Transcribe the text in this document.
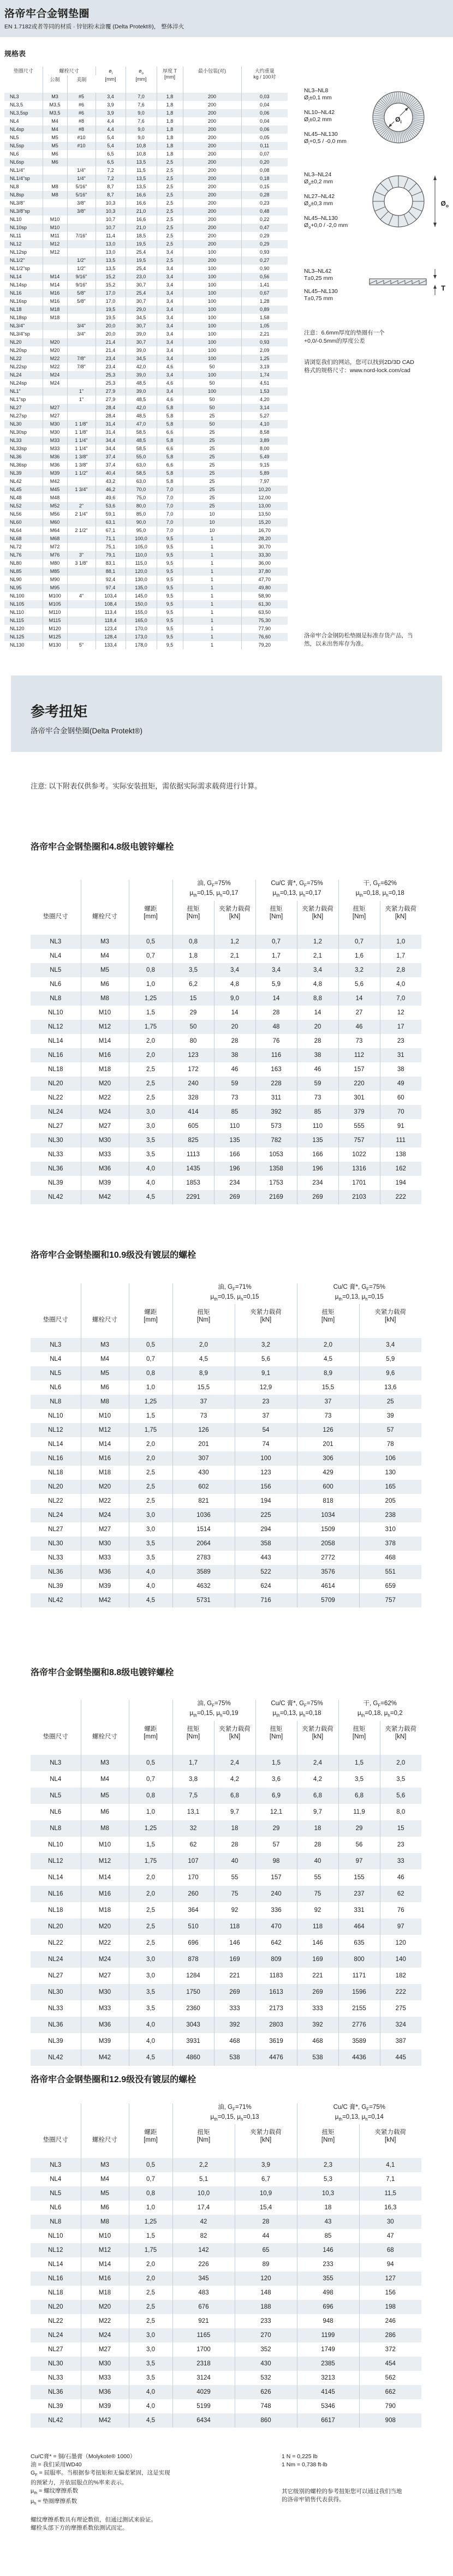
洛帝牢合金钢垫圈
EN 1.7182或者等同的材质 · 锌铝粉末涂覆 (Delta Protekt®)， 整体淬火
规格表
垫圈尺寸	螺栓尺寸		$ø_i$
[mm]	$ø_o$
[mm]	厚度 T
[mm]	最小包装(对)	大约重量
kg / 100对
	公制	美制					
NL3	M3	#5	3,4	7,0	1,8	200	0,03
NL3,5	M3,5	#6	3,9	7,6	1,8	200	0,04
NL3,5sp	M3,5	#6	3,9	9,0	1,8	200	0,06
NL4	M4	#8	4,4	7,6	1,8	200	0,04
NL4sp	M4	#8	4,4	9,0	1,8	200	0,06
NL5	M5	#10	5,4	9,0	1,8	200	0,05
NL5sp	M5	#10	5,4	10,8	1,8	200	0,11
NL6	M6		6,5	10,8	1,8	200	0,07
NL6sp	M6		6,5	13,5	2,5	200	0,20
NL1/4"		1/4"	7,2	11,5	2,5	200	0,08
NL1/4"sp		1/4"	7,2	13,5	2,5	200	0,18
NL8	M8	5/16"	8,7	13,5	2,5	200	0,15
NL8sp	M8	5/16"	8,7	16,6	2,5	200	0,28
NL3/8"		3/8"	10,3	16,6	2,5	200	0,23
NL3/8"sp		3/8"	10,3	21,0	2,5	200	0,48
NL10	M10		10,7	16,6	2,5	200	0,22
NL10sp	M10		10,7	21,0	2,5	200	0,47
NL11	M11	7/16"	11,4	18,5	2,5	200	0,29
NL12	M12		13,0	19,5	2,5	200	0,29
NL12sp	M12		13,0	25,4	3,4	100	0,93
NL1/2"		1/2"	13,5	19,5	2,5	200	0,27
NL1/2"sp		1/2"	13,5	25,4	3,4	100	0,90
NL14	M14	9/16"	15,2	23,0	3,4	100	0,56
NL14sp	M14	9/16"	15,2	30,7	3,4	100	1,41
NL16	M16	5/8"	17,0	25,4	3,4	100	0,67
NL16sp	M16	5/8"	17,0	30,7	3,4	100	1,28
NL18	M18		19,5	29,0	3,4	100	0,89
NL18sp	M18		19,5	34,5	3,4	100	1,58
NL3/4"		3/4"	20,0	30,7	3,4	100	1,05
NL3/4"sp		3/4"	20,0	39,0	3,4	100	2,21
NL20	M20		21,4	30,7	3,4	100	0,93
NL20sp	M20		21,4	39,0	3,4	100	2,09
NL22	M22	7/8"	23,4	34,5	3,4	100	1,25
NL22sp	M22	7/8"	23,4	42,0	4,6	50	3,19
NL24	M24		25,3	39,0	3,4	100	1,74
NL24sp	M24		25,3	48,5	4,6	50	4,51
NL1"		1"	27,9	39,0	3,4	100	1,53
NL1"sp		1"	27,9	48,5	4,6	50	4,20
NL27	M27		28,4	42,0	5,8	50	3,14
NL27sp	M27		28,4	48,5	5,8	25	5,27
NL30	M30	1 1/8"	31,4	47,0	5,8	50	4,10
NL30sp	M30	1 1/8"	31,4	58,5	6,6	25	8,58
NL33	M33	1 1/4"	34,4	48,5	5,8	25	3,89
NL33sp	M33	1 1/4"	34,4	58,5	6,6	25	8,00
NL36	M36	1 3/8"	37,4	55,0	5,8	25	5,49
NL36sp	M36	1 3/8"	37,4	63,0	6,6	25	9,15
NL39	M39	1 1/2"	40,4	58,5	5,8	25	5,89
NL42	M42		43,2	63,0	5,8	25	7,97
NL45	M45	1 3/4"	46,2	70,0	7,0	25	10,20
NL48	M48		49,6	75,0	7,0	25	12,00
NL52	M52	2"	53,6	80,0	7,0	25	13,00
NL56	M56	2 1/4"	59,1	85,0	7,0	10	13,50
NL60	M60		63,1	90,0	7,0	10	15,20
NL64	M64	2 1/2"	67,1	95,0	7,0	10	16,70
NL68	M68		71,1	100,0	9,5	1	28,20
NL72	M72		75,1	105,0	9,5	1	30,70
NL76	M76	3"	79,1	110,0	9,5	1	33,30
NL80	M80	3 1/8"	83,1	115,0	9,5	1	36,00
NL85	M85		88,1	120,0	9,5	1	37,80
NL90	M90		92,4	130,0	9,5	1	47,70
NL95	M95		97,4	135,0	9,5	1	49,80
NL100	M100	4"	103,4	145,0	9,5	1	58,90
NL105	M105		108,4	150,0	9,5	1	61,30
NL110	M110		113,4	155,0	9,5	1	63,50
NL115	M115		118,4	165,0	9,5	1	75,30
NL120	M120		123,4	170,0	9,5	1	77,90
NL125	M125		128,4	173,0	9,5	1	76,60
NL130	M130	5"	133,4	178,0	9,5	1	79,20
NL3–NL8
$Ø_i\pm 0,1$ mm
NL10–NL42
$Ø_i\pm 0,2$ mm
NL45–NL130
$Ø_i+0,5 / -0,0$ mm
$Ø_i$
NL3–NL24
$Ø_o\pm 0,2$ mm
NL27–NL42
$Ø_o\pm 0,3$ mm
NL45–NL130
$Ø_o+0,0 / -2,0$ mm
$Ø_o$
NL3–NL42
T±0,25 mm
NL45–NL130
T±0,75 mm
T
注意：6.6mm厚度的垫圈有一个
+0,0/-0.5mm的厚度公差
请浏览我们的网站，您可以找到2D/3D CAD
格式的规格尺寸：www.nord-lock.com/cad
洛帝牢合金钢防松垫圈是标准存货产品，当
然，以未出售库存为准。
参考扭矩
洛帝牢合金钢垫圈(Delta Protekt®)
注意: 以下附表仅供参考。实际安装扭矩，需依据实际需求载荷进行计算。
洛帝牢合金钢垫圈和4.8级电镀锌螺栓
垫圈尺寸	螺栓尺寸	螺距
[mm]	油, $G_F=75\%$
$\mu_{th}=0,15$, $\mu_h=0,17$		Cu/C 膏*, $G_F=75\%$
$\mu_{th}=0,13$, $\mu_h=0,17$		干, $G_F=62\%$
$\mu_{th}=0,18$, $\mu_h=0,18$	
			扭矩
[Nm]	夹紧力载荷
[kN]	扭矩
[Nm]	夹紧力载荷
[kN]	扭矩
[Nm]	夹紧力载荷
[kN]
NL3	M3	0,5	0,8	1,2	0,7	1,2	0,7	1,0
NL4	M4	0,7	1,8	2,1	1,7	2,1	1,6	1,7
NL5	M5	0,8	3,5	3,4	3,4	3,4	3,2	2,8
NL6	M6	1,0	6,2	4,8	5,9	4,8	5,6	4,0
NL8	M8	1,25	15	9,0	14	8,8	14	7,0
NL10	M10	1,5	29	14	28	14	27	12
NL12	M12	1,75	50	20	48	20	46	17
NL14	M14	2,0	80	28	76	28	73	23
NL16	M16	2,0	123	38	116	38	112	31
NL18	M18	2,5	172	46	163	46	157	38
NL20	M20	2,5	240	59	228	59	220	49
NL22	M22	2,5	328	73	311	73	301	60
NL24	M24	3,0	414	85	392	85	379	70
NL27	M27	3,0	605	110	573	110	555	91
NL30	M30	3,5	825	135	782	135	757	111
NL33	M33	3,5	1113	166	1053	166	1022	138
NL36	M36	4,0	1435	196	1358	196	1316	162
NL39	M39	4,0	1853	234	1753	234	1701	194
NL42	M42	4,5	2291	269	2169	269	2103	222
洛帝牢合金钢垫圈和10.9级没有镀层的螺栓
垫圈尺寸	螺栓尺寸	螺距
[mm]	油, $G_F=71\%$
$\mu_{th}=0,15$, $\mu_h=0,15$		Cu/C 膏*, $G_F=75\%$
$\mu_{th}=0,13$, $\mu_h=0,15$	
			扭矩
[Nm]	夹紧力载荷
[kN]	扭矩
[Nm]	夹紧力载荷
[kN]
NL3	M3	0,5	2,0	3,2	2,0	3,4
NL4	M4	0,7	4,5	5,6	4,5	5,9
NL5	M5	0,8	8,9	9,1	8,9	9,6
NL6	M6	1,0	15,5	12,9	15,5	13,6
NL8	M8	1,25	37	23	37	25
NL10	M10	1,5	73	37	73	39
NL12	M12	1,75	126	54	126	57
NL14	M14	2,0	201	74	201	78
NL16	M16	2,0	307	100	306	106
NL18	M18	2,5	430	123	429	130
NL20	M20	2,5	602	156	600	165
NL22	M22	2,5	821	194	818	205
NL24	M24	3,0	1036	225	1034	238
NL27	M27	3,0	1514	294	1509	310
NL30	M30	3,5	2064	358	2058	378
NL33	M33	3,5	2783	443	2772	468
NL36	M36	4,0	3589	522	3576	551
NL39	M39	4,0	4632	624	4614	659
NL42	M42	4,5	5731	716	5709	757
洛帝牢合金钢垫圈和8.8级电镀锌螺栓
垫圈尺寸	螺栓尺寸	螺距
[mm]	油, $G_F=75\%$
$\mu_{th}=0,15$, $\mu_h=0,19$		Cu/C 膏*, $G_F=75\%$
$\mu_{th}=0,13$, $\mu_h=0,18$		干, $G_F=62\%$
$\mu_{th}=0,18$, $\mu_h=0,2$	
			扭矩
[Nm]	夹紧力载荷
[kN]	扭矩
[Nm]	夹紧力载荷
[kN]	扭矩
[Nm]	夹紧力载荷
[kN]
NL3	M3	0,5	1,7	2,4	1,5	2,4	1,5	2,0
NL4	M4	0,7	3,8	4,2	3,6	4,2	3,5	3,5
NL5	M5	0,8	7,5	6,8	6,9	6,8	6,8	5,6
NL6	M6	1,0	13,1	9,7	12,1	9,7	11,9	8,0
NL8	M8	1,25	32	18	29	18	29	15
NL10	M10	1,5	62	28	57	28	56	23
NL12	M12	1,75	107	40	98	40	97	33
NL14	M14	2,0	170	55	157	55	155	46
NL16	M16	2,0	260	75	240	75	237	62
NL18	M18	2,5	364	92	336	92	331	76
NL20	M20	2,5	510	118	470	118	464	97
NL22	M22	2,5	696	146	642	146	635	120
NL24	M24	3,0	878	169	809	169	800	140
NL27	M27	3,0	1284	221	1183	221	1171	182
NL30	M30	3,5	1750	269	1613	269	1596	222
NL33	M33	3,5	2360	333	2173	333	2155	275
NL36	M36	4,0	3043	392	2803	392	2776	324
NL39	M39	4,0	3931	468	3619	468	3589	387
NL42	M42	4,5	4860	538	4476	538	4436	445
洛帝牢合金钢垫圈和12.9级没有镀层的螺栓
垫圈尺寸	螺栓尺寸	螺距
[mm]	油, $G_F=71\%$
$\mu_{th}=0,15$, $\mu_h=0,13$		Cu/C 膏*, $G_F=75\%$
$\mu_{th}=0,13$, $\mu_h=0,14$	
			扭矩
[Nm]	夹紧力载荷
[kN]	扭矩
[Nm]	夹紧力载荷
[kN]
NL3	M3	0,5	2,2	3,9	2,3	4,1
NL4	M4	0,7	5,1	6,7	5,3	7,1
NL5	M5	0,8	10,0	10,9	10,3	11,5
NL6	M6	1,0	17,4	15,4	18	16,3
NL8	M8	1,25	42	28	43	30
NL10	M10	1,5	82	44	85	47
NL12	M12	1,75	142	65	146	68
NL14	M14	2,0	226	89	233	94
NL16	M16	2,0	345	120	355	127
NL18	M18	2,5	483	148	498	156
NL20	M20	2,5	676	188	696	198
NL22	M22	2,5	921	233	948	246
NL24	M24	3,0	1165	270	1199	286
NL27	M27	3,0	1700	352	1749	372
NL30	M30	3,5	2318	430	2385	454
NL33	M33	3,5	3124	532	3213	562
NL36	M36	4,0	4029	626	4145	662
NL39	M39	4,0	5199	748	5346	790
NL42	M42	4,5	6434	860	6617	908
Cu/C膏* = 铜/石墨膏（Molykote® 1000）
油 = 我们采用WD40
$G_F$ = 屈服率。当根据参考扭矩和无偏差紧固，这是实现
的预紧力，并依屈服点的%率来表示。
$\mu_{th}$ = 螺纹摩擦系数
$\mu_h$ = 垫圈摩擦系数
螺纹摩擦系数具有理论数值，但通过测试来验证。
螺栓头部下方的摩擦系数依测试而定。
1 N = 0,225 lb
1 Nm = 0,738 ft-lb
其它级别的螺栓的参考扭矩您可以通过我们当地
的洛帝牢销售代表获得。
